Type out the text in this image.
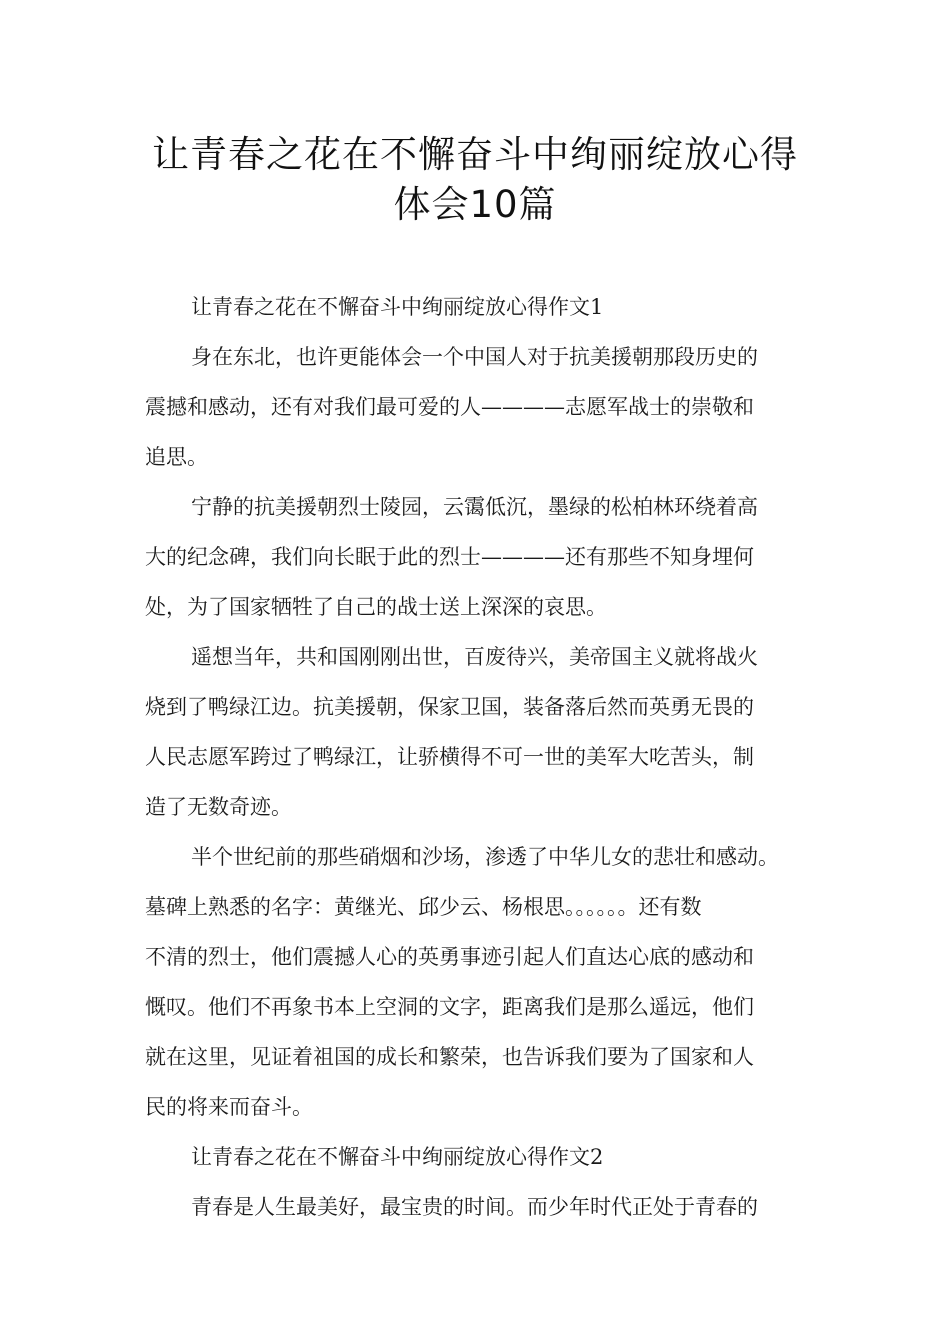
让青春之花在不懈奋斗中绚丽绽放心得
体会10篇
让青春之花在不懈奋斗中绚丽绽放心得作文1
身在东北，也许更能体会一个中国人对于抗美援朝那段历史的
震撼和感动，还有对我们最可爱的人————志愿军战士的崇敬和
追思。
宁静的抗美援朝烈士陵园，云霭低沉，墨绿的松柏林环绕着高
大的纪念碑，我们向长眠于此的烈士————还有那些不知身埋何
处，为了国家牺牲了自己的战士送上深深的哀思。
遥想当年，共和国刚刚出世，百废待兴，美帝国主义就将战火
烧到了鸭绿江边。抗美援朝，保家卫国，装备落后然而英勇无畏的
人民志愿军跨过了鸭绿江，让骄横得不可一世的美军大吃苦头，制
造了无数奇迹。
半个世纪前的那些硝烟和沙场，渗透了中华儿女的悲壮和感动。
墓碑上熟悉的名字：黄继光、邱少云、杨根思。。。。。。还有数
不清的烈士，他们震撼人心的英勇事迹引起人们直达心底的感动和
慨叹。他们不再象书本上空洞的文字，距离我们是那么遥远，他们
就在这里，见证着祖国的成长和繁荣，也告诉我们要为了国家和人
民的将来而奋斗。
让青春之花在不懈奋斗中绚丽绽放心得作文2
青春是人生最美好，最宝贵的时间。而少年时代正处于青春的
